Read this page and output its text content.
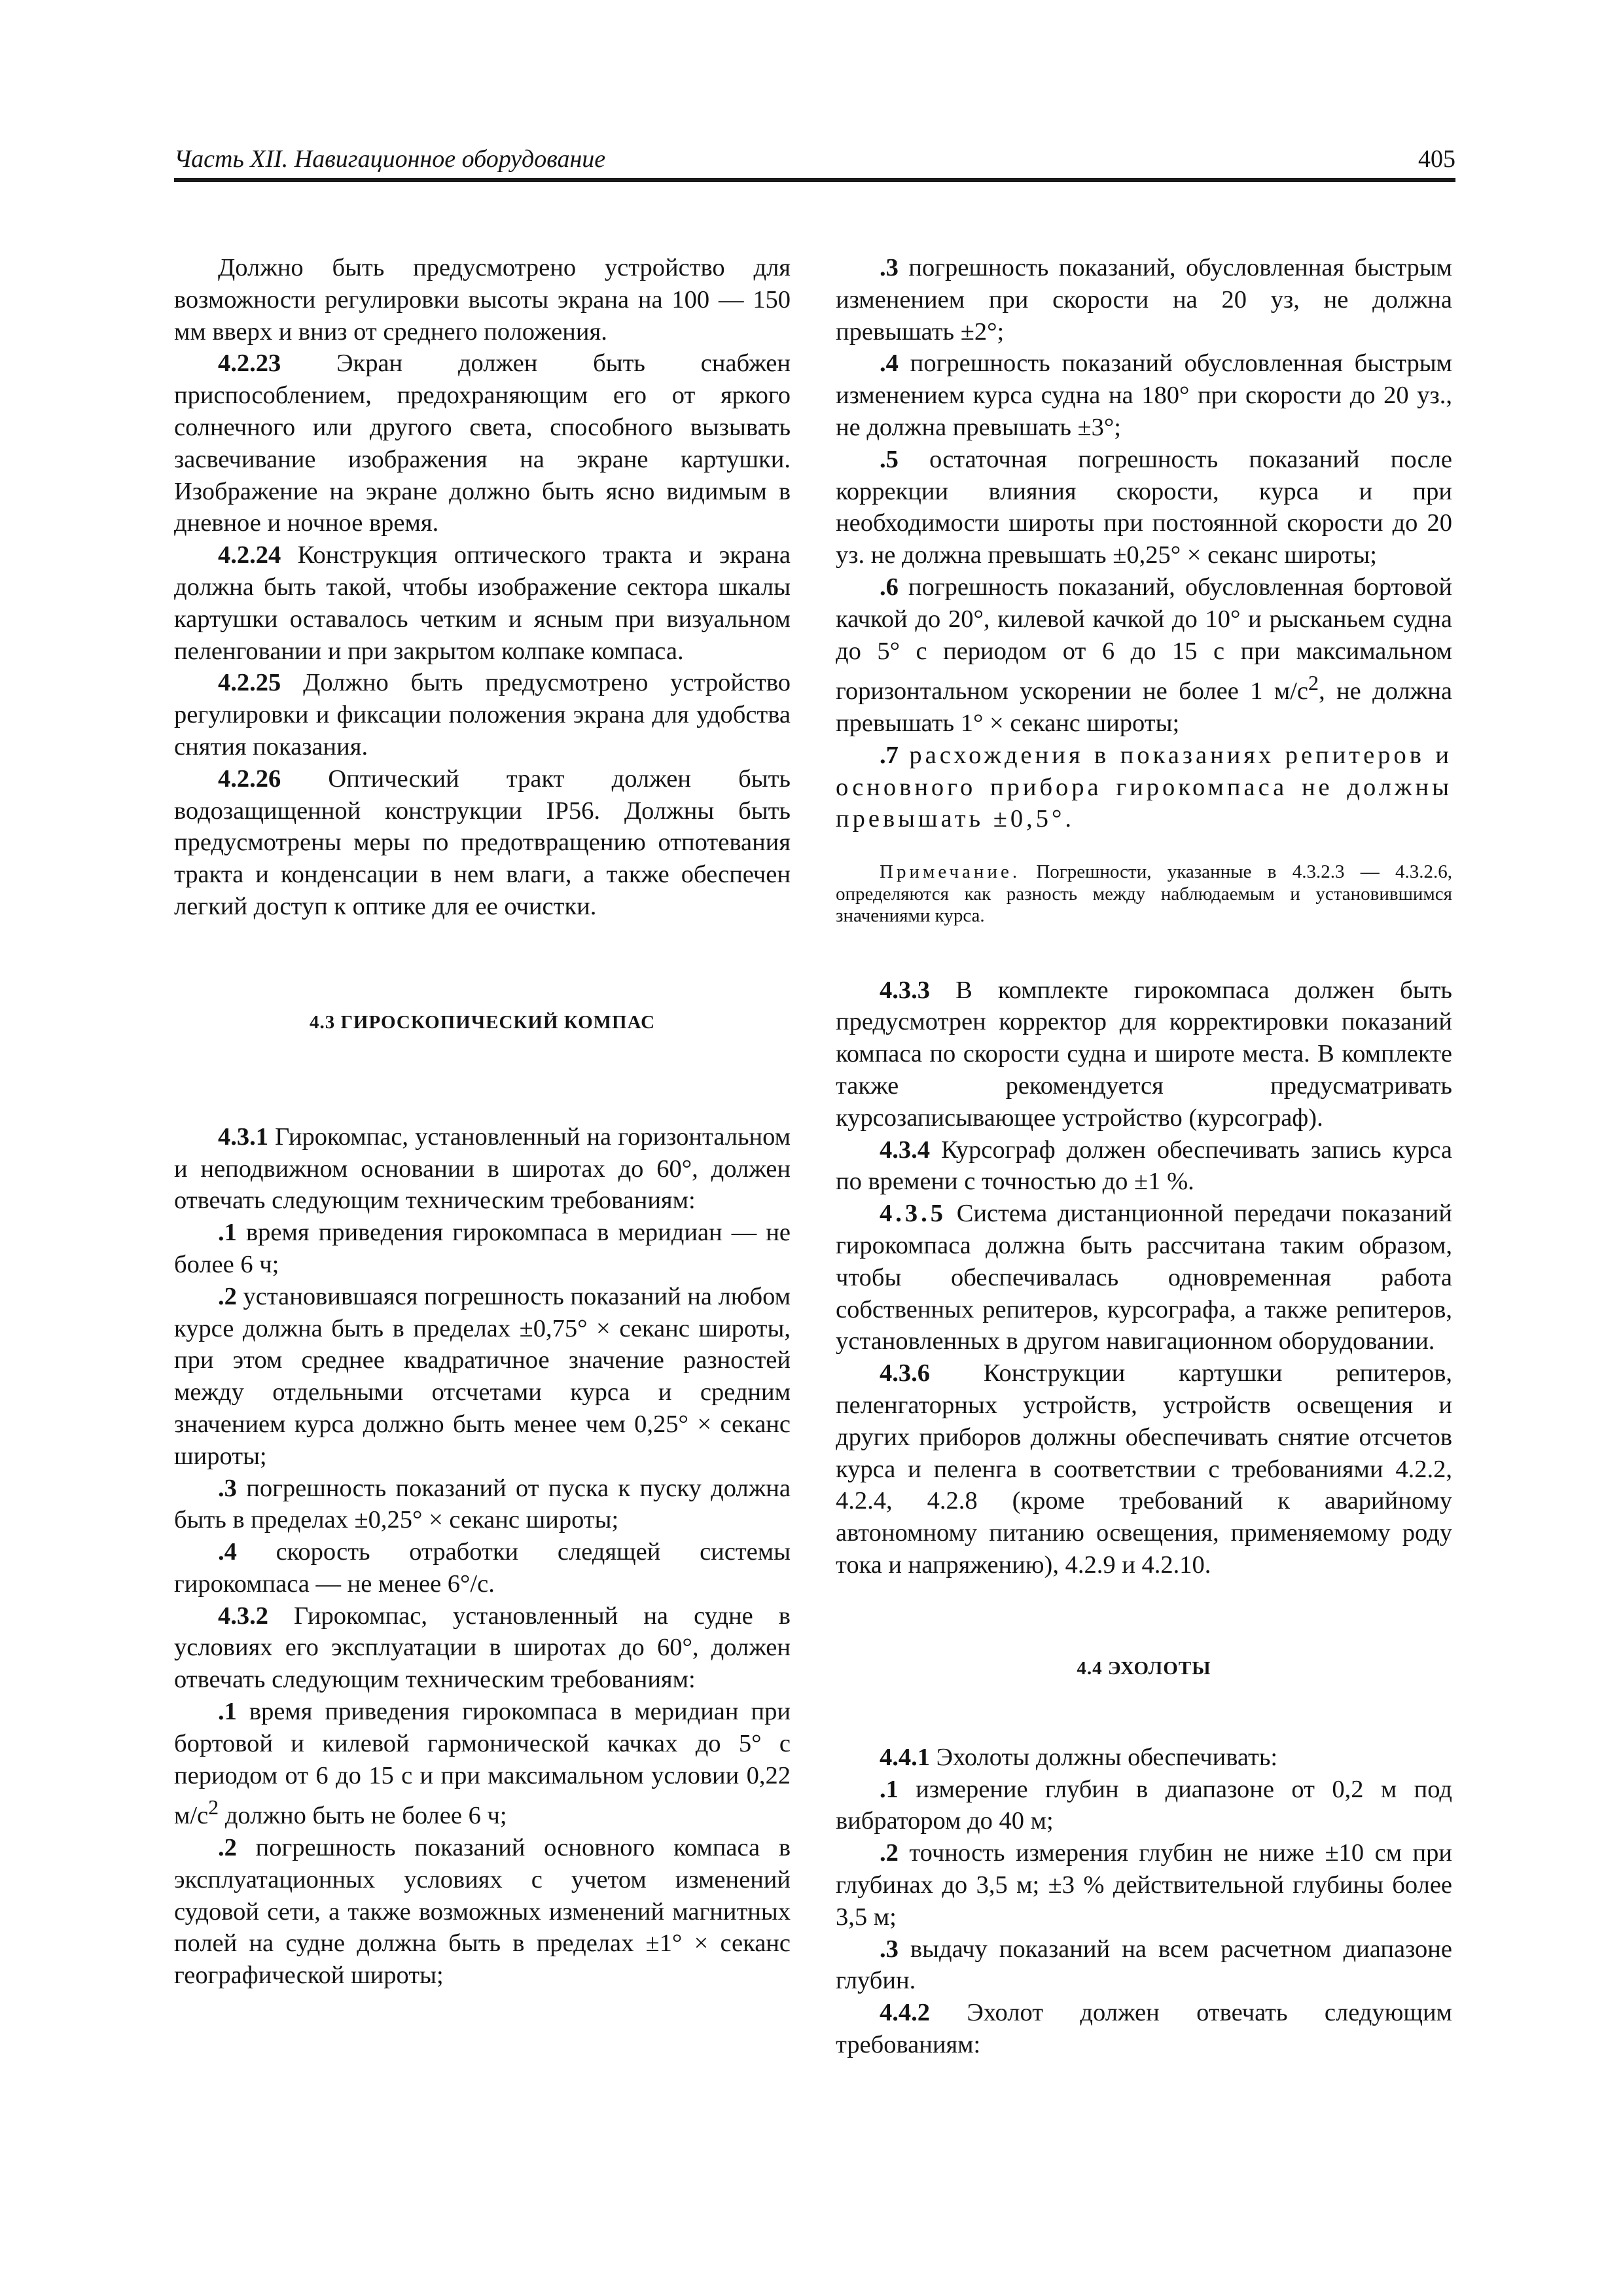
Часть XII. Навигационное оборудование	405

Должно быть предусмотрено устройство для возможности регулировки высоты экрана на 100 — 150 мм вверх и вниз от среднего положения.

4.2.23 Экран должен быть снабжен приспособлением, предохраняющим его от яркого солнечного или другого света, способного вызывать засвечивание изображения на экране картушки. Изображение на экране должно быть ясно видимым в дневное и ночное время.

4.2.24 Конструкция оптического тракта и экрана должна быть такой, чтобы изображение сектора шкалы картушки оставалось четким и ясным при визуальном пеленговании и при закрытом колпаке компаса.

4.2.25 Должно быть предусмотрено устройство регулировки и фиксации положения экрана для удобства снятия показания.

4.2.26 Оптический тракт должен быть водозащищенной конструкции IP56. Должны быть предусмотрены меры по предотвращению отпотевания тракта и конденсации в нем влаги, а также обеспечен легкий доступ к оптике для ее очистки.

4.3 ГИРОСКОПИЧЕСКИЙ КОМПАС

4.3.1 Гирокомпас, установленный на горизонтальном и неподвижном основании в широтах до 60°, должен отвечать следующим техническим требованиям:

.1 время приведения гирокомпаса в меридиан — не более 6 ч;

.2 установившаяся погрешность показаний на любом курсе должна быть в пределах ±0,75° × секанс широты, при этом среднее квадратичное значение разностей между отдельными отсчетами курса и средним значением курса должно быть менее чем 0,25° × секанс широты;

.3 погрешность показаний от пуска к пуску должна быть в пределах ±0,25° × секанс широты;

.4 скорость отработки следящей системы гирокомпаса — не менее 6°/с.

4.3.2 Гирокомпас, установленный на судне в условиях его эксплуатации в широтах до 60°, должен отвечать следующим техническим требованиям:

.1 время приведения гирокомпаса в меридиан при бортовой и килевой гармонической качках до 5° с периодом от 6 до 15 с и при максимальном условии 0,22 $м/с^2$ должно быть не более 6 ч;

.2 погрешность показаний основного компаса в эксплуатационных условиях с учетом изменений судовой сети, а также возможных изменений магнитных полей на судне должна быть в пределах ±1° × секанс географической широты;

.3 погрешность показаний, обусловленная быстрым изменением при скорости на 20 уз, не должна превышать ±2°;

.4 погрешность показаний обусловленная быстрым изменением курса судна на 180° при скорости до 20 уз., не должна превышать ±3°;

.5 остаточная погрешность показаний после коррекции влияния скорости, курса и при необходимости широты при постоянной скорости до 20 уз. не должна превышать ±0,25° × секанс широты;

.6 погрешность показаний, обусловленная бортовой качкой до 20°, килевой качкой до 10° и рысканьем судна до 5° с периодом от 6 до 15 с при максимальном горизонтальном ускорении не более 1 $м/с^2$, не должна превышать 1° × секанс широты;

.7 расхождения в показаниях репитеров и основного прибора гирокомпаса не должны превышать ±0,5°.

Примечание. Погрешности, указанные в 4.3.2.3 — 4.3.2.6, определяются как разность между наблюдаемым и установившимся значениями курса.

4.3.3 В комплекте гирокомпаса должен быть предусмотрен корректор для корректировки показаний компаса по скорости судна и широте места. В комплекте также рекомендуется предусматривать курсозаписывающее устройство (курсограф).

4.3.4 Курсограф должен обеспечивать запись курса по времени с точностью до ±1 %.

4.3.5 Система дистанционной передачи показаний гирокомпаса должна быть рассчитана таким образом, чтобы обеспечивалась одновременная работа собственных репитеров, курсографа, а также репитеров, установленных в другом навигационном оборудовании.

4.3.6 Конструкции картушки репитеров, пеленгаторных устройств, устройств освещения и других приборов должны обеспечивать снятие отсчетов курса и пеленга в соответствии с требованиями 4.2.2, 4.2.4, 4.2.8 (кроме требований к аварийному автономному питанию освещения, применяемому роду тока и напряжению), 4.2.9 и 4.2.10.

4.4 ЭХОЛОТЫ

4.4.1 Эхолоты должны обеспечивать:

.1 измерение глубин в диапазоне от 0,2 м под вибратором до 40 м;

.2 точность измерения глубин не ниже ±10 см при глубинах до 3,5 м; ±3 % действительной глубины более 3,5 м;

.3 выдачу показаний на всем расчетном диапазоне глубин.

4.4.2 Эхолот должен отвечать следующим требованиям:
